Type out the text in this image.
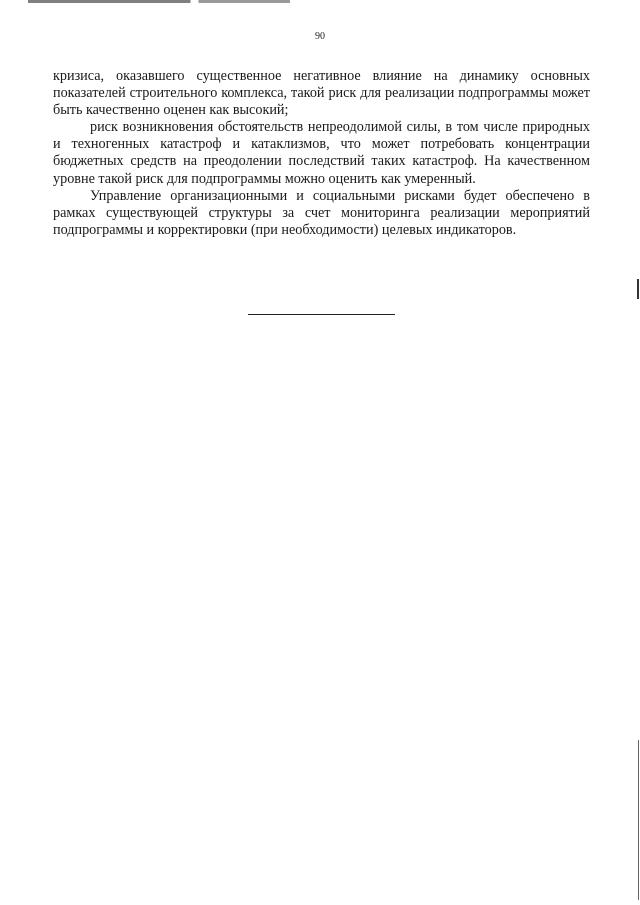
90

кризиса, оказавшего существенное негативное влияние на динамику основных показателей строительного комплекса, такой риск для реализации подпрограммы может быть качественно оценен как высокий;

риск возникновения обстоятельств непреодолимой силы, в том числе природных и техногенных катастроф и катаклизмов, что может потребовать концентрации бюджетных средств на преодолении последствий таких катастроф. На качественном уровне такой риск для подпрограммы можно оценить как умеренный.

Управление организационными и социальными рисками будет обеспечено в рамках существующей структуры за счет мониторинга реализации мероприятий подпрограммы и корректировки (при необходимости) целевых индикаторов.
